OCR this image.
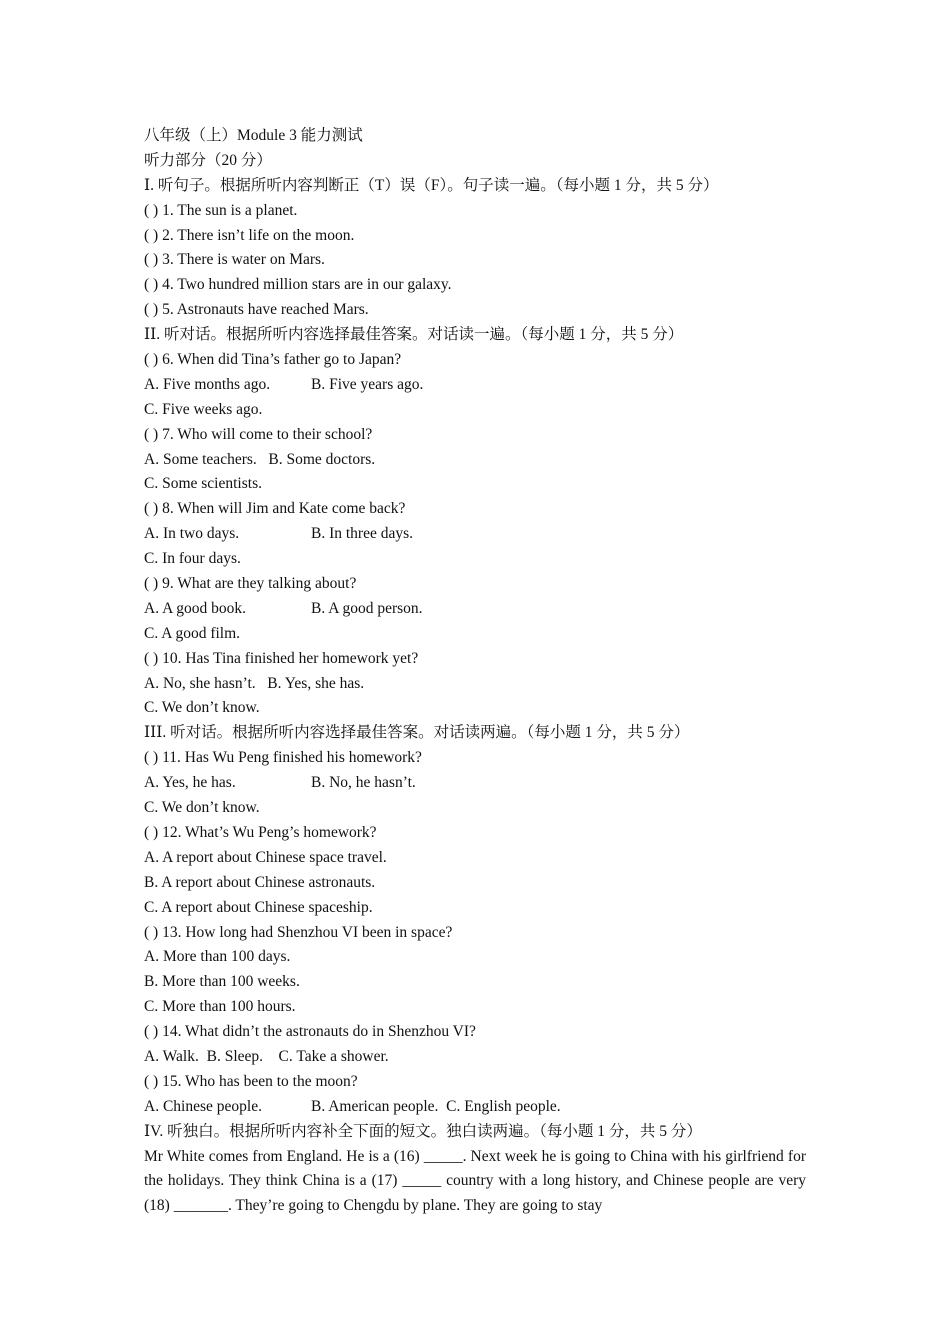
八年级（上）Module 3 能力测试
听力部分（20 分）
Ⅰ. 听句子。根据所听内容判断正（T）误（F）。句子读一遍。（每小题 1 分，共 5 分）
( ) 1. The sun is a planet.
( ) 2. There isn’t life on the moon.
( ) 3. There is water on Mars.
( ) 4. Two hundred million stars are in our galaxy.
( ) 5. Astronauts have reached Mars.
ⅠⅠ. 听对话。根据所听内容选择最佳答案。对话读一遍。（每小题 1 分，共 5 分）
( ) 6. When did Tina’s father go to Japan?
A. Five months ago.	B. Five years ago.
C. Five weeks ago.
( ) 7. Who will come to their school?
A. Some teachers.   B. Some doctors.
C. Some scientists.
( ) 8. When will Jim and Kate come back?
A. In two days.	B. In three days.
C. In four days.
( ) 9. What are they talking about?
A. A good book.	B. A good person.
C. A good film.
( ) 10. Has Tina finished her homework yet?
A. No, she hasn’t.   B. Yes, she has.
C. We don’t know.
ⅠⅠⅠ. 听对话。根据所听内容选择最佳答案。对话读两遍。（每小题 1 分，共 5 分）
( ) 11. Has Wu Peng finished his homework?
A. Yes, he has.	B. No, he hasn’t.
C. We don’t know.
( ) 12. What’s Wu Peng’s homework?
A. A report about Chinese space travel.
B. A report about Chinese astronauts.
C. A report about Chinese spaceship.
( ) 13. How long had Shenzhou VI been in space?
A. More than 100 days.
B. More than 100 weeks.
C. More than 100 hours.
( ) 14. What didn’t the astronauts do in Shenzhou VI?
A. Walk.  B. Sleep.    C. Take a shower.
( ) 15. Who has been to the moon?
A. Chinese people.	B. American people.  C. English people.
ⅠV. 听独白。根据所听内容补全下面的短文。独白读两遍。（每小题 1 分，共 5 分）
Mr White comes from England. He is a (16) _____. Next week he is going to China with his girlfriend for the holidays. They think China is a (17) _____ country with a long history, and Chinese people are very (18) _______. They’re going to Chengdu by plane. They are going to stay
